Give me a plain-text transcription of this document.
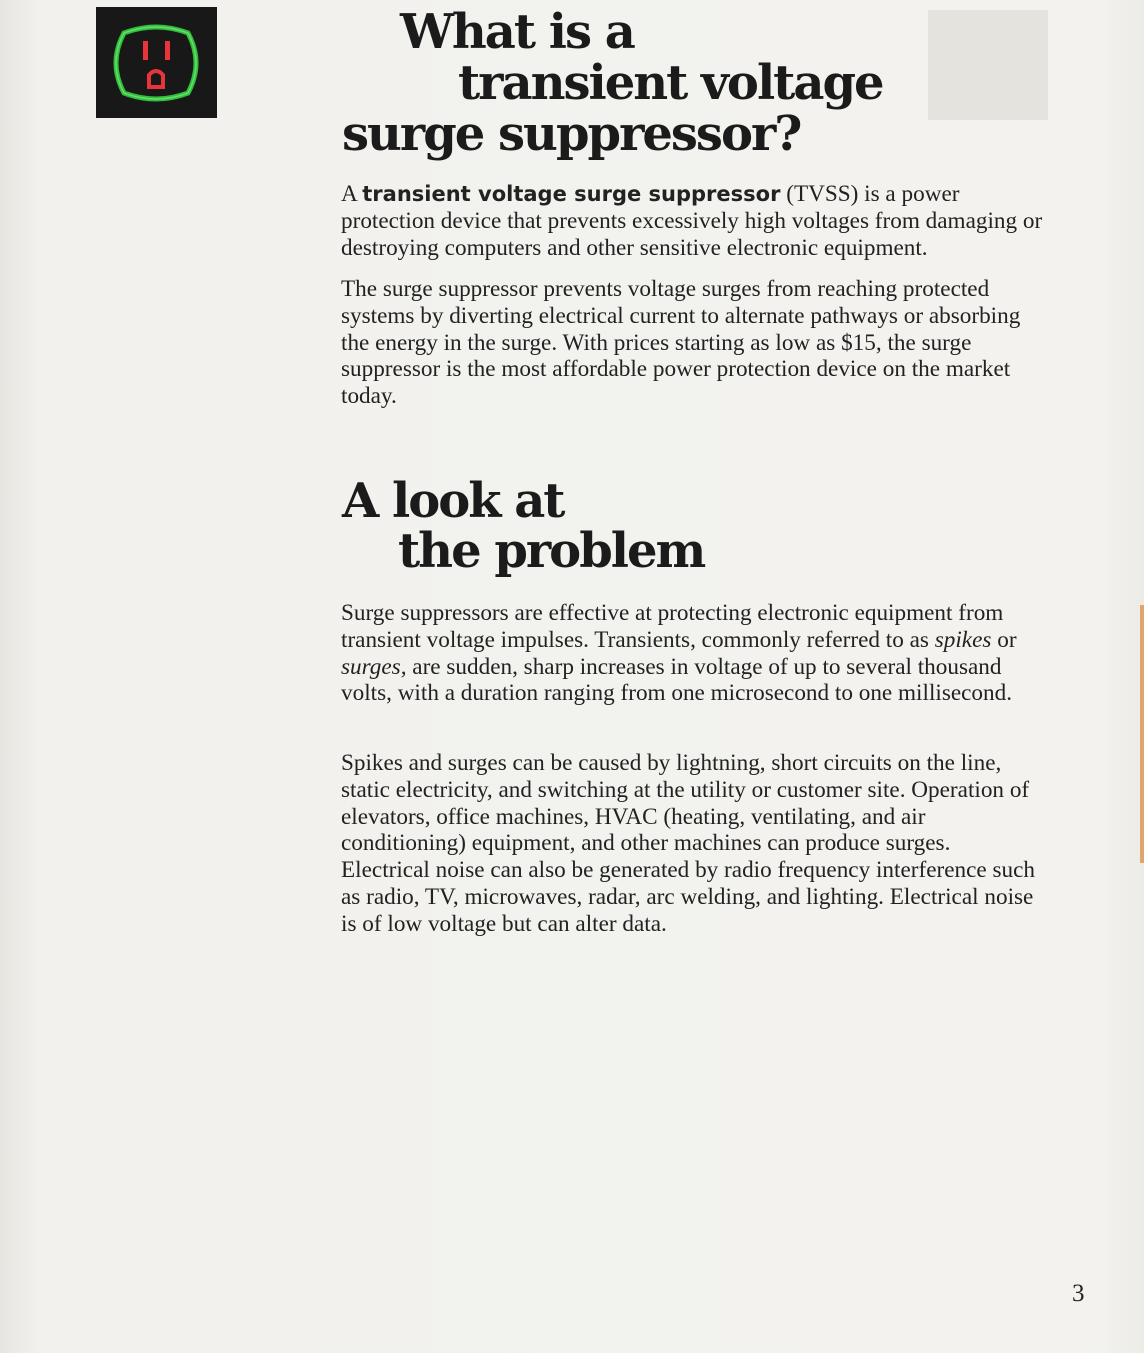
What is a
transient voltage
surge suppressor?

A transient voltage surge suppressor (TVSS) is a power protection device that prevents excessively high voltages from damaging or destroying computers and other sensitive electronic equipment.

The surge suppressor prevents voltage surges from reaching protected systems by diverting electrical current to alternate pathways or absorbing the energy in the surge. With prices starting as low as $15, the surge suppressor is the most affordable power protection device on the market today.

A look at
the problem

Surge suppressors are effective at protecting electronic equipment from transient voltage impulses. Transients, commonly referred to as spikes or surges, are sudden, sharp increases in voltage of up to several thousand volts, with a duration ranging from one microsecond to one millisecond.

Spikes and surges can be caused by lightning, short circuits on the line, static electricity, and switching at the utility or customer site. Operation of elevators, office machines, HVAC (heating, ventilating, and air conditioning) equipment, and other machines can produce surges. Electrical noise can also be generated by radio frequency interference such as radio, TV, microwaves, radar, arc welding, and lighting. Electrical noise is of low voltage but can alter data.

3
